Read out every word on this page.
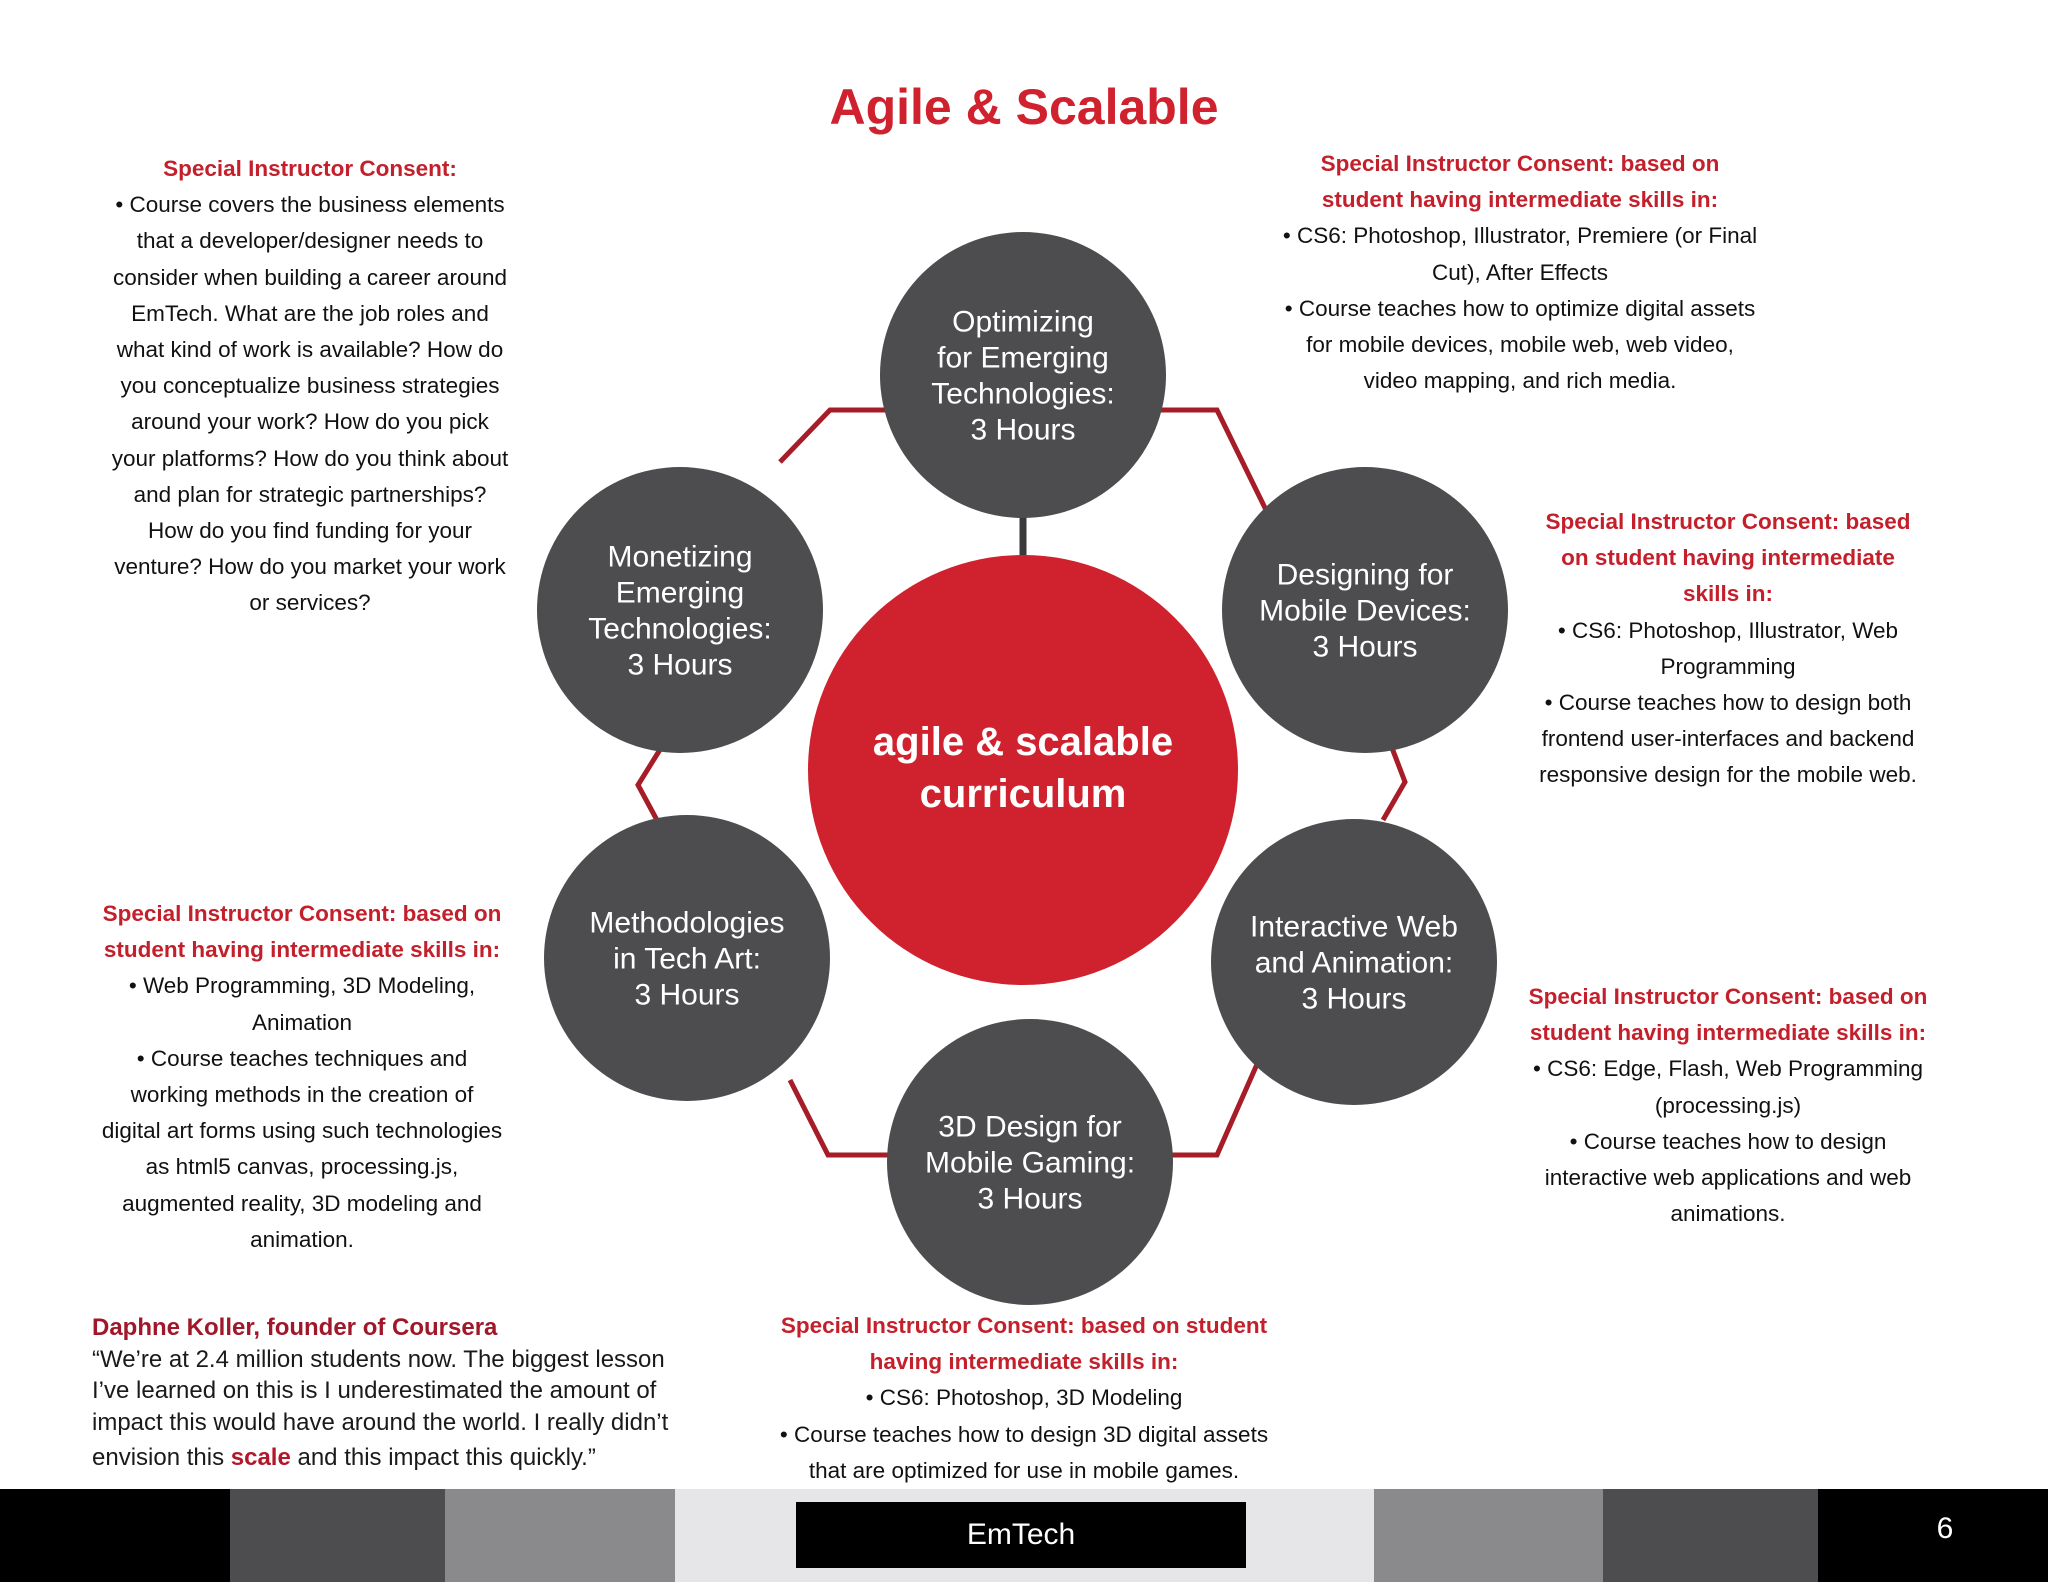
Agile & Scalable
Optimizing
for Emerging
Technologies:
3 Hours
Designing for
Mobile Devices:
3 Hours
Interactive Web
and Animation:
3 Hours
3D Design for
Mobile Gaming:
3 Hours
Methodologies
in Tech Art:
3 Hours
Monetizing
Emerging
Technologies:
3 Hours
agile & scalable
curriculum
Special Instructor Consent:
• Course covers the business elements
that a developer/designer needs to
consider when building a career around
EmTech. What are the job roles and
what kind of work is available? How do
you conceptualize business strategies
around your work? How do you pick
your platforms? How do you think about
and plan for strategic partnerships?
How do you find funding for your
venture? How do you market your work
or services?
Special Instructor Consent: based on
student having intermediate skills in:
• CS6: Photoshop, Illustrator, Premiere (or Final
Cut), After Effects
• Course teaches how to optimize digital assets
for mobile devices, mobile web, web video,
video mapping, and rich media.
Special Instructor Consent: based
on student having intermediate
skills in:
• CS6: Photoshop, Illustrator, Web
Programming
• Course teaches how to design both
frontend user-interfaces and backend
responsive design for the mobile web.
Special Instructor Consent: based on
student having intermediate skills in:
• Web Programming, 3D Modeling,
Animation
• Course teaches techniques and
working methods in the creation of
digital art forms using such technologies
as html5 canvas, processing.js,
augmented reality, 3D modeling and
animation.
Special Instructor Consent: based on
student having intermediate skills in:
• CS6: Edge, Flash, Web Programming
(processing.js)
• Course teaches how to design
interactive web applications and web
animations.
Special Instructor Consent: based on student
having intermediate skills in:
• CS6: Photoshop, 3D Modeling
• Course teaches how to design 3D digital assets
that are optimized for use in mobile games.
Daphne Koller, founder of Coursera
“We’re at 2.4 million students now. The biggest lesson
I’ve learned on this is I underestimated the amount of
impact this would have around the world. I really didn’t
envision this scale and this impact this quickly.”
EmTech	6
